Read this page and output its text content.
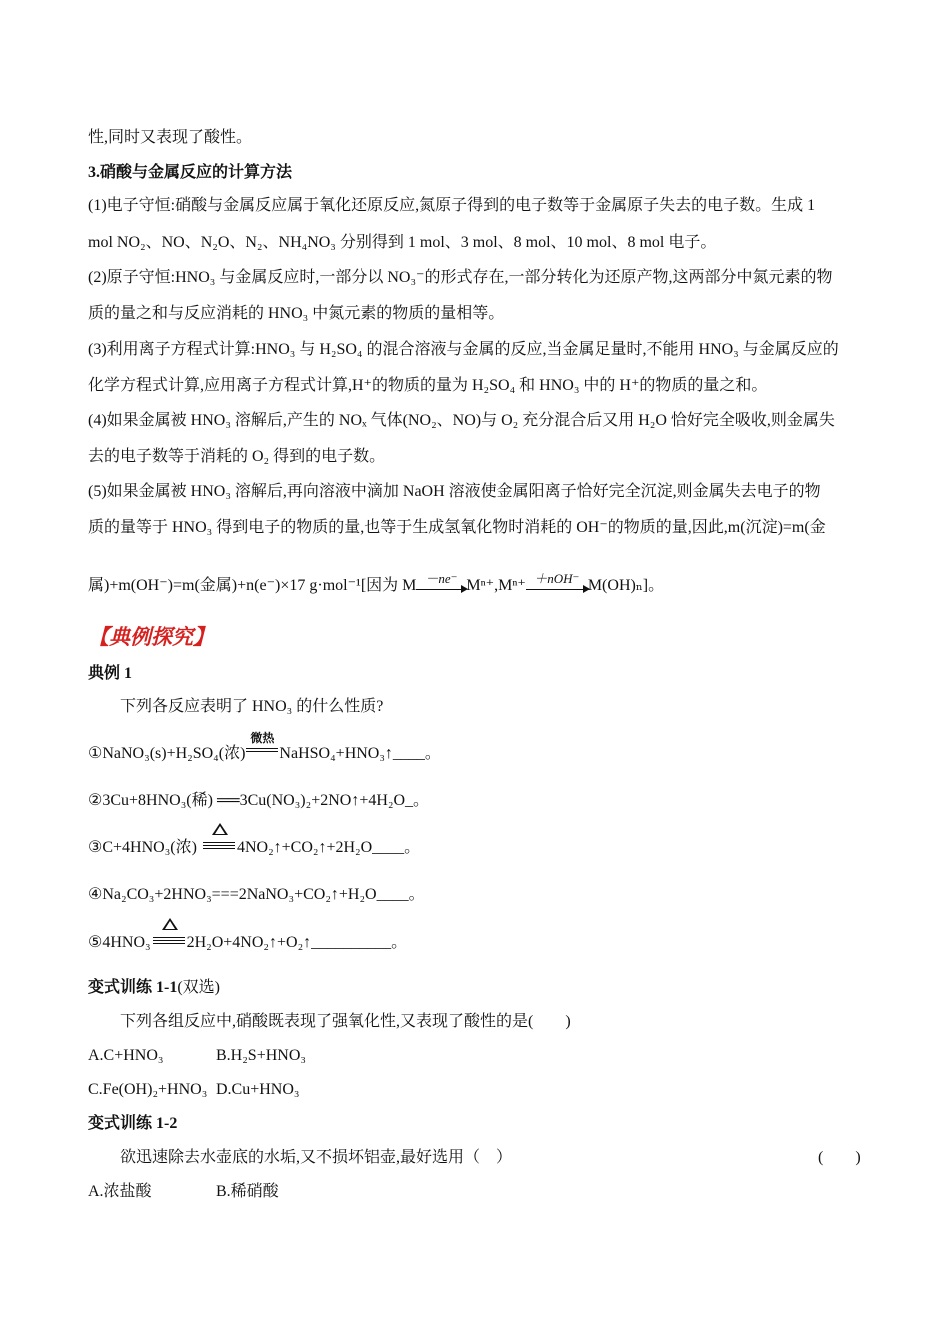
性,同时又表现了酸性。
3.硝酸与金属反应的计算方法
(1)电子守恒:硝酸与金属反应属于氧化还原反应,氮原子得到的电子数等于金属原子失去的电子数。生成 1
mol NO₂、NO、N₂O、N₂、NH₄NO₃ 分别得到 1 mol、3 mol、8 mol、10 mol、8 mol 电子。
(2)原子守恒:HNO₃ 与金属反应时,一部分以 NO₃⁻的形式存在,一部分转化为还原产物,这两部分中氮元素的物
质的量之和与反应消耗的 HNO₃ 中氮元素的物质的量相等。
(3)利用离子方程式计算:HNO₃ 与 H₂SO₄ 的混合溶液与金属的反应,当金属足量时,不能用 HNO₃ 与金属反应的
化学方程式计算,应用离子方程式计算,H⁺的物质的量为 H₂SO₄ 和 HNO₃ 中的 H⁺的物质的量之和。
(4)如果金属被 HNO₃ 溶解后,产生的 NOₓ 气体(NO₂、NO)与 O₂ 充分混合后又用 H₂O 恰好完全吸收,则金属失
去的电子数等于消耗的 O₂ 得到的电子数。
(5)如果金属被 HNO₃ 溶解后,再向溶液中滴加 NaOH 溶液使金属阳离子恰好完全沉淀,则金属失去电子的物
质的量等于 HNO₃ 得到电子的物质的量,也等于生成氢氧化物时消耗的 OH⁻的物质的量,因此,m(沉淀)=m(金
属)+m(OH⁻)=m(金属)+n(e⁻)×17 g·mol⁻¹[因为 M －ne⁻ Mⁿ⁺,Mⁿ⁺ ＋nOH⁻ M(OH)ₙ]。
【典例探究】
典例 1
下列各反应表明了 HNO₃ 的什么性质?
①NaNO₃(s)+H₂SO₄(浓)
微热
NaHSO₄+HNO₃↑____。
②3Cu+8HNO₃(稀) ══3Cu(NO₃)₂+2NO↑+4H₂O_。
③C+4HNO₃(浓)	4NO₂↑+CO₂↑+2H₂O____。
④Na₂CO₃+2HNO₃===2NaNO₃+CO₂↑+H₂O____。
⑤4HNO₃ 2H₂O+4NO₂↑+O₂↑__________。
变式训练 1-1(双选)
下列各组反应中,硝酸既表现了强氧化性,又表现了酸性的是(　　)
A.C+HNO₃	B.H₂S+HNO₃
C.Fe(OH)₂+HNO₃ D.Cu+HNO₃
变式训练 1-2
欲迅速除去水壶底的水垢,又不损坏铝壶,最好选用（　）	(　　)
A.浓盐酸	B.稀硝酸
